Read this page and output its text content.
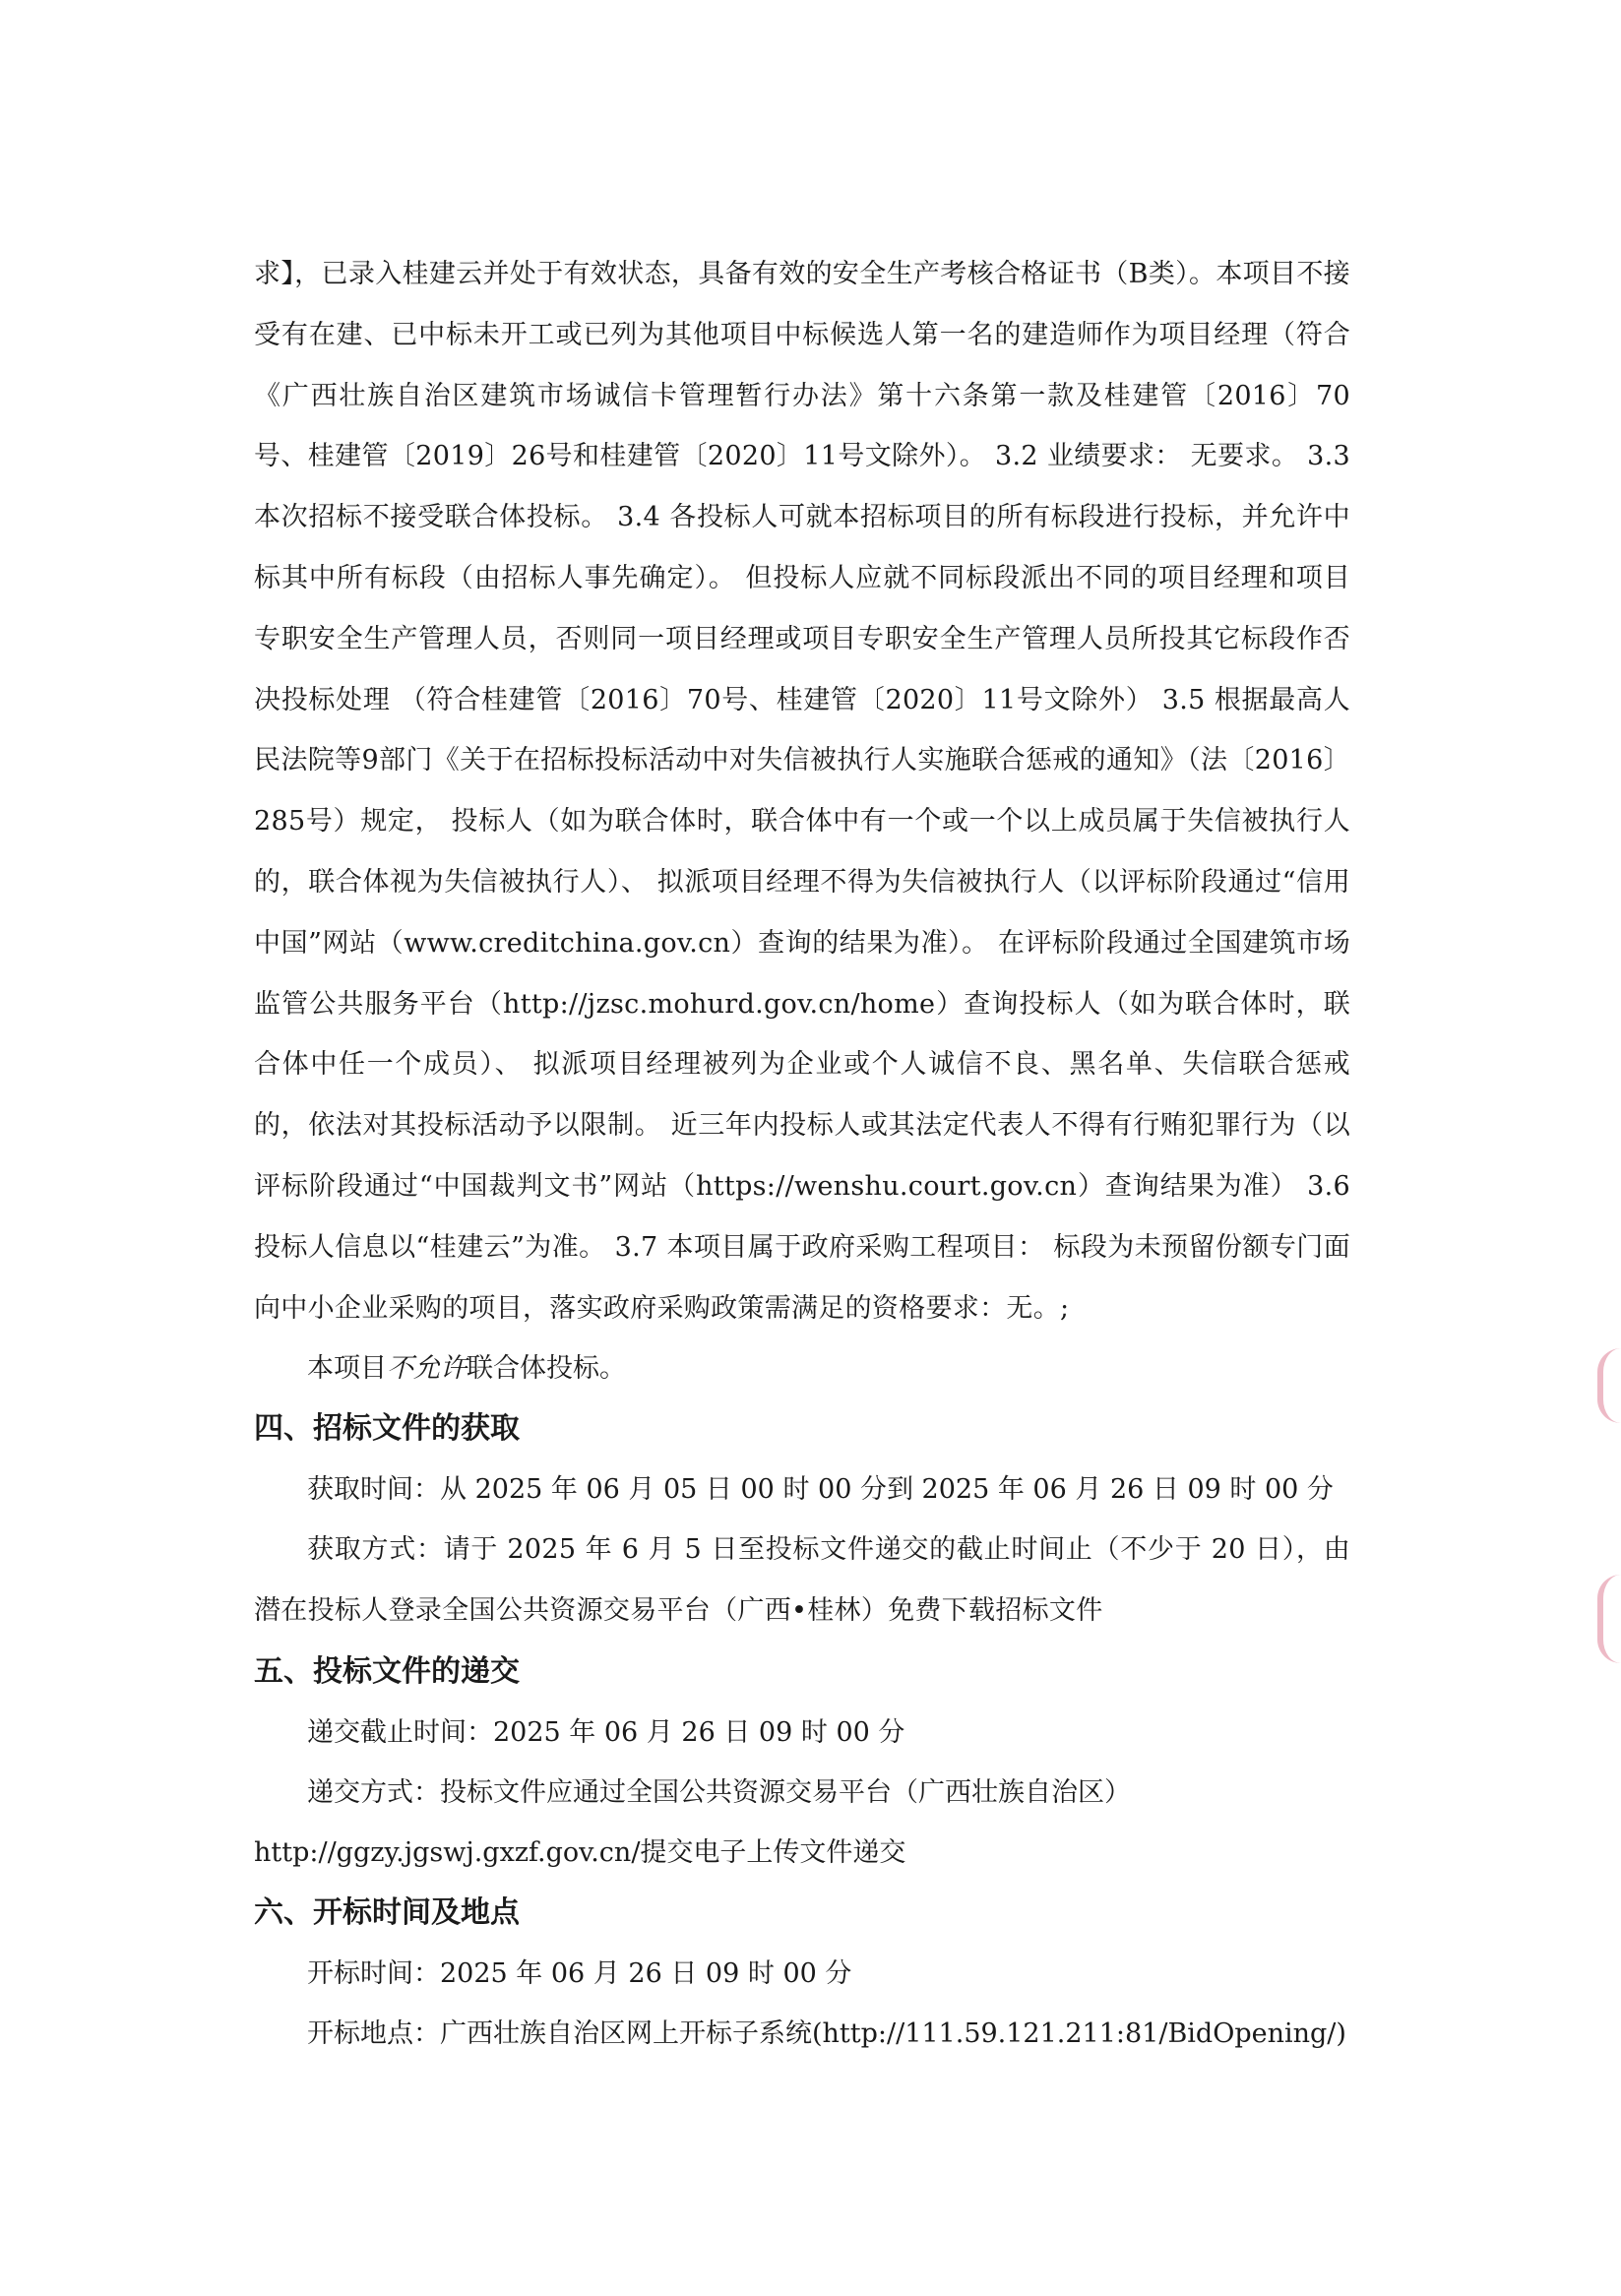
求】，已录入桂建云并处于有效状态，具备有效的安全生产考核合格证书（B类）。本项目不接受有在建、已中标未开工或已列为其他项目中标候选人第一名的建造师作为项目经理（符合《广西壮族自治区建筑市场诚信卡管理暂行办法》第十六条第一款及桂建管〔2016〕70号、桂建管〔2019〕26号和桂建管〔2020〕11号文除外）。 3.2 业绩要求： 无要求。 3.3 本次招标不接受联合体投标。 3.4 各投标人可就本招标项目的所有标段进行投标，并允许中标其中所有标段（由招标人事先确定）。 但投标人应就不同标段派出不同的项目经理和项目专职安全生产管理人员，否则同一项目经理或项目专职安全生产管理人员所投其它标段作否决投标处理 （符合桂建管〔2016〕70号、桂建管〔2020〕11号文除外） 3.5 根据最高人民法院等9部门《关于在招标投标活动中对失信被执行人实施联合惩戒的通知》（法〔2016〕285号）规定， 投标人（如为联合体时，联合体中有一个或一个以上成员属于失信被执行人的，联合体视为失信被执行人）、 拟派项目经理不得为失信被执行人（以评标阶段通过“信用中国”网站（www.creditchina.gov.cn）查询的结果为准）。 在评标阶段通过全国建筑市场监管公共服务平台（http://jzsc.mohurd.gov.cn/home）查询投标人（如为联合体时，联合体中任一个成员）、 拟派项目经理被列为企业或个人诚信不良、黑名单、失信联合惩戒的，依法对其投标活动予以限制。 近三年内投标人或其法定代表人不得有行贿犯罪行为（以评标阶段通过“中国裁判文书”网站（https://wenshu.court.gov.cn）查询结果为准） 3.6 投标人信息以“桂建云”为准。 3.7 本项目属于政府采购工程项目： 标段为未预留份额专门面向中小企业采购的项目，落实政府采购政策需满足的资格要求：无。;

本项目不允许联合体投标。

四、招标文件的获取

获取时间：从 2025 年 06 月 05 日 00 时 00 分到 2025 年 06 月 26 日 09 时 00 分

获取方式：请于 2025 年 6 月 5 日至投标文件递交的截止时间止（不少于 20 日），由潜在投标人登录全国公共资源交易平台（广西•桂林）免费下载招标文件

五、投标文件的递交

递交截止时间：2025 年 06 月 26 日 09 时 00 分

递交方式：投标文件应通过全国公共资源交易平台（广西壮族自治区）

http://ggzy.jgswj.gxzf.gov.cn/提交电子上传文件递交

六、开标时间及地点

开标时间：2025 年 06 月 26 日 09 时 00 分

开标地点：广西壮族自治区网上开标子系统(http://111.59.121.211:81/BidOpening/)
